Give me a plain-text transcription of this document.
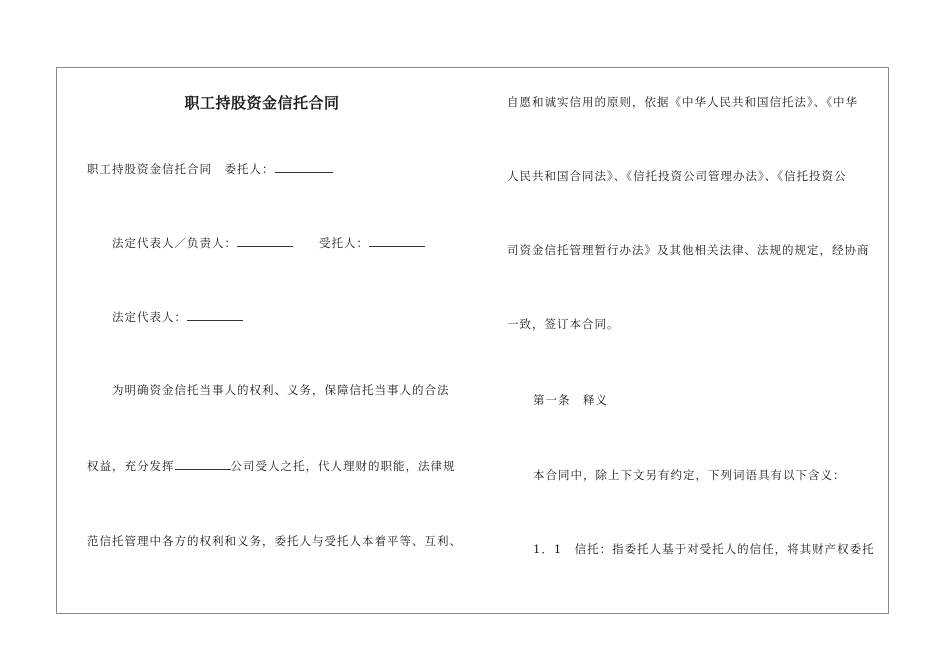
职工持股资金信托合同
职工持股资金信托合同　委托人：
法定代表人／负责人：	受托人：
法定代表人：
为明确资金信托当事人的权利、义务，保障信托当事人的合法
权益，充分发挥	公司受人之托，代人理财的职能，法律规
范信托管理中各方的权利和义务，委托人与受托人本着平等、互利、
自愿和诚实信用的原则，依据《中华人民共和国信托法》、《中华
人民共和国合同法》、《信托投资公司管理办法》、《信托投资公
司资金信托管理暂行办法》及其他相关法律、法规的规定，经协商
一致，签订本合同。
第一条　释义
本合同中，除上下文另有约定，下列词语具有以下含义：
1．1　信托：指委托人基于对受托人的信任，将其财产权委托
